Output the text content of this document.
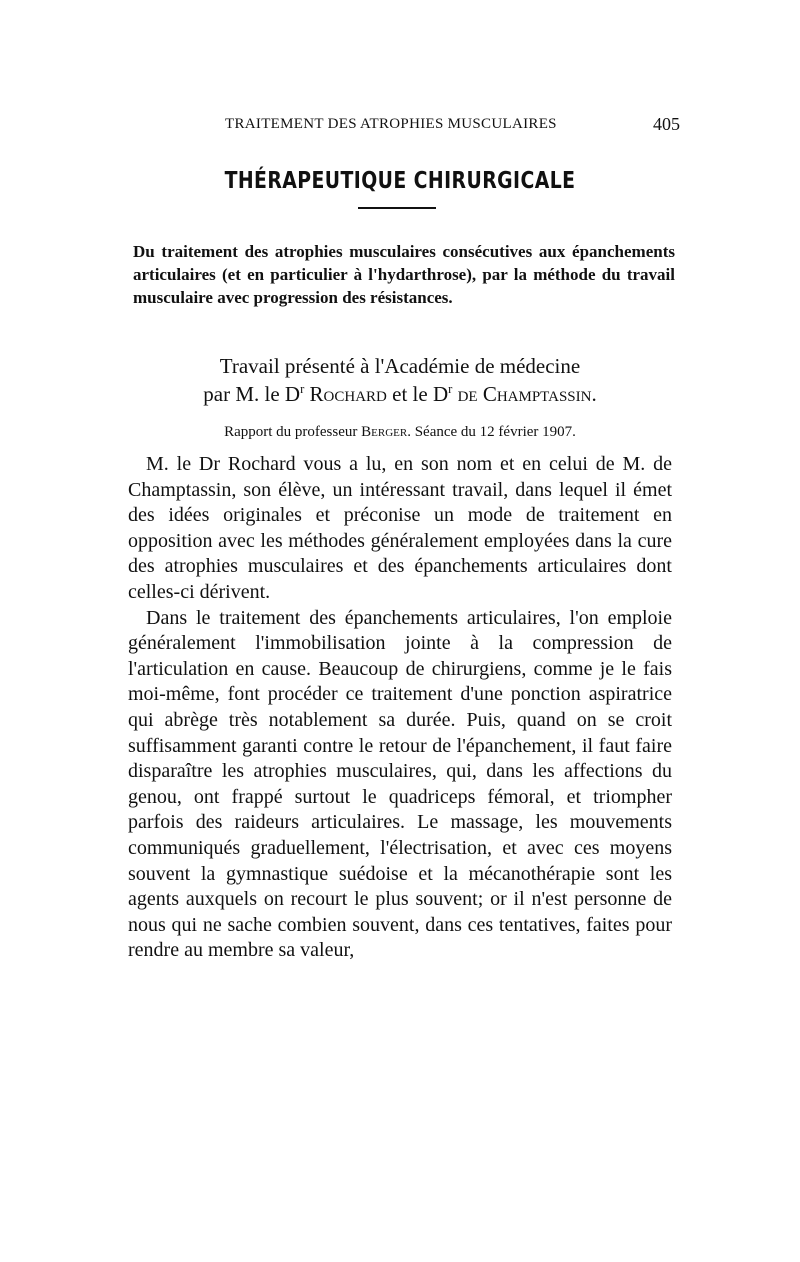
TRAITEMENT DES ATROPHIES MUSCULAIRES	405
THÉRAPEUTIQUE CHIRURGICALE
Du traitement des atrophies musculaires consécutives aux épanchements articulaires (et en particulier à l'hydarthrose), par la méthode du travail musculaire avec progression des résistances.
Travail présenté à l'Académie de médecine
par M. le $D^r$ Rochard et le $D^r$ de Champtassin.
Rapport du professeur Berger. Séance du 12 février 1907.

M. le Dr Rochard vous a lu, en son nom et en celui de M. de Champtassin, son élève, un intéressant travail, dans lequel il émet des idées originales et préconise un mode de traitement en opposition avec les méthodes généralement employées dans la cure des atrophies musculaires et des épanchements articulaires dont celles-ci dérivent.

Dans le traitement des épanchements articulaires, l'on emploie généralement l'immobilisation jointe à la compression de l'articulation en cause. Beaucoup de chirurgiens, comme je le fais moi-même, font procéder ce traitement d'une ponction aspiratrice qui abrège très notablement sa durée. Puis, quand on se croit suffisamment garanti contre le retour de l'épanchement, il faut faire disparaître les atrophies musculaires, qui, dans les affections du genou, ont frappé surtout le quadriceps fémoral, et triompher parfois des raideurs articulaires. Le massage, les mouvements communiqués graduellement, l'électrisation, et avec ces moyens souvent la gymnastique suédoise et la mécanothérapie sont les agents auxquels on recourt le plus souvent; or il n'est personne de nous qui ne sache combien souvent, dans ces tentatives, faites pour rendre au membre sa valeur,
